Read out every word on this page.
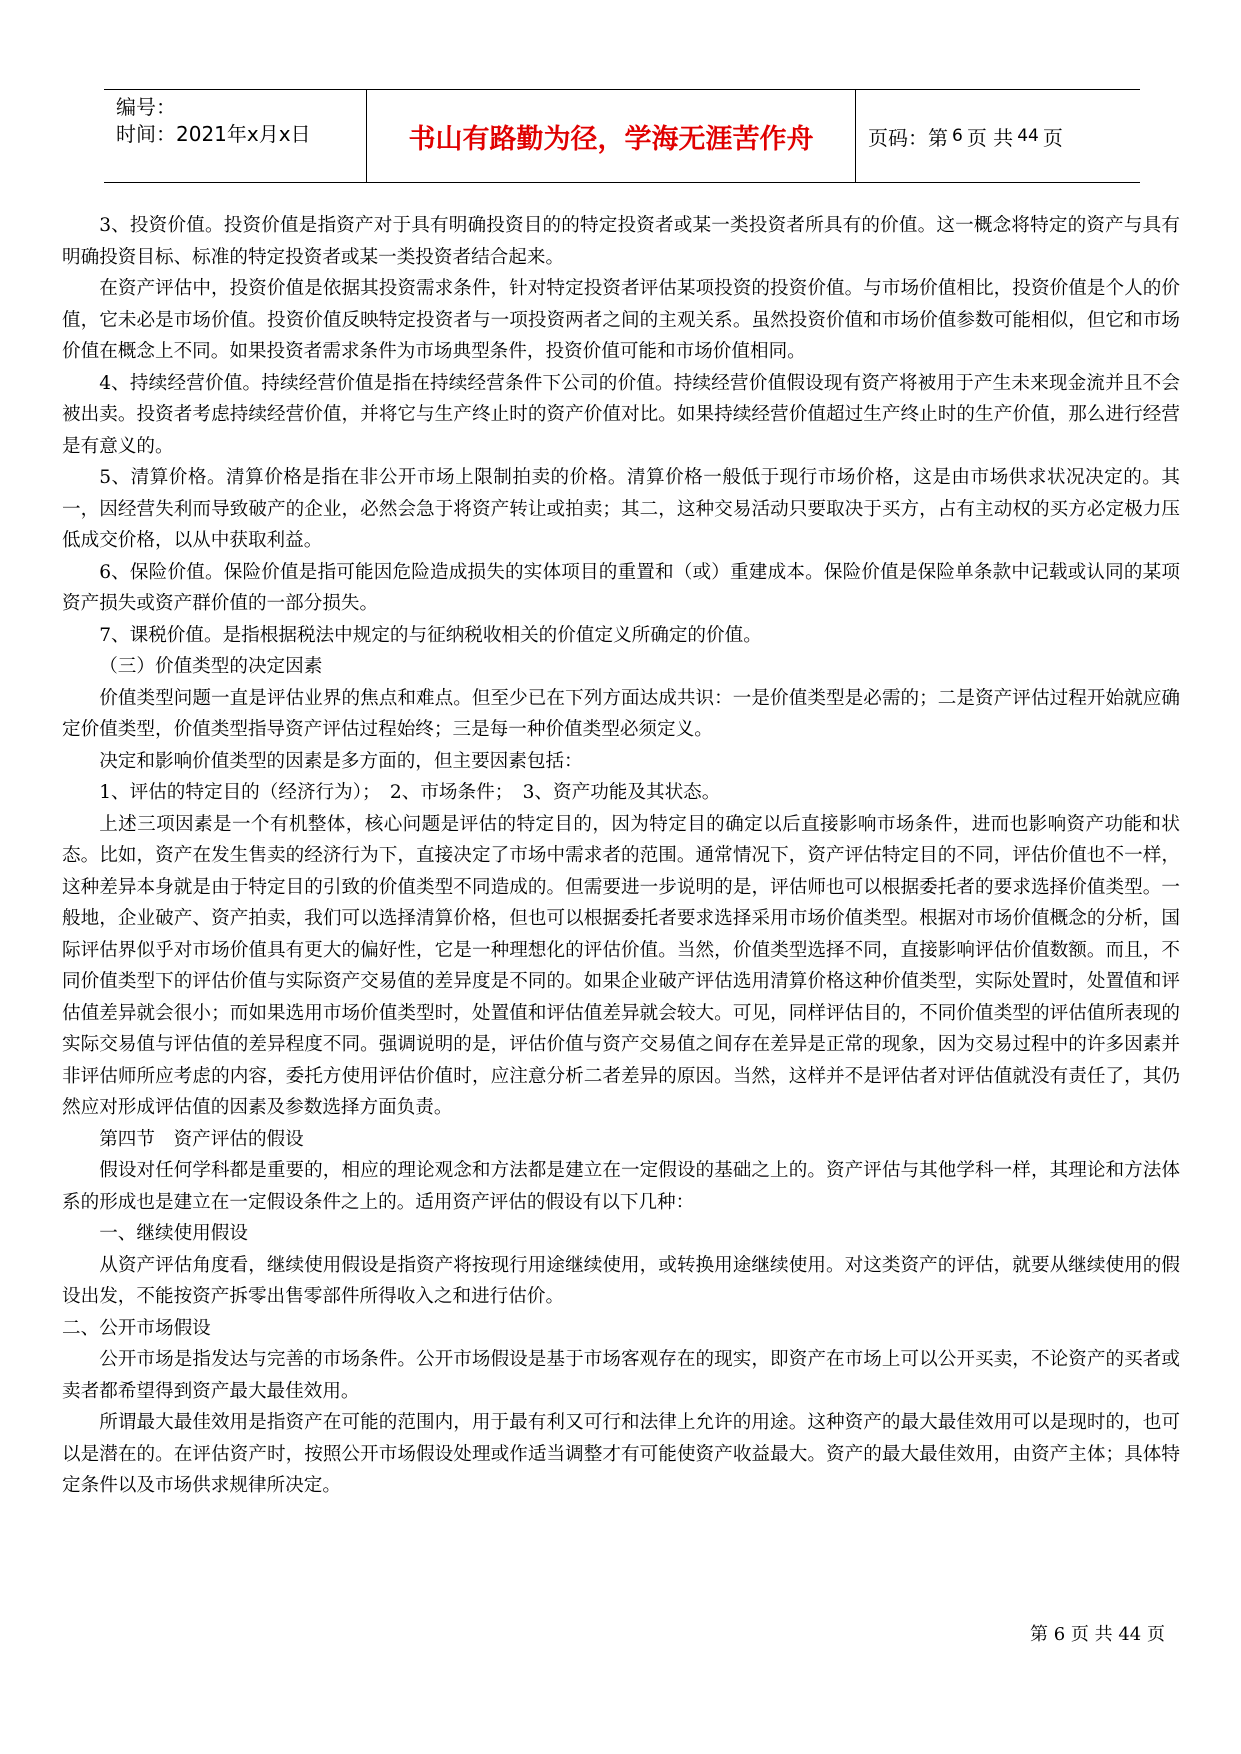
编号：
时间：2021年x月x日	书山有路勤为径，学海无涯苦作舟	页码：第 6 页 共 44 页

3、投资价值。投资价值是指资产对于具有明确投资目的的特定投资者或某一类投资者所具有的价值。这一概念将特定的资产与具有明确投资目标、标准的特定投资者或某一类投资者结合起来。

在资产评估中，投资价值是依据其投资需求条件，针对特定投资者评估某项投资的投资价值。与市场价值相比，投资价值是个人的价值，它未必是市场价值。投资价值反映特定投资者与一项投资两者之间的主观关系。虽然投资价值和市场价值参数可能相似，但它和市场价值在概念上不同。如果投资者需求条件为市场典型条件，投资价值可能和市场价值相同。

4、持续经营价值。持续经营价值是指在持续经营条件下公司的价值。持续经营价值假设现有资产将被用于产生未来现金流并且不会被出卖。投资者考虑持续经营价值，并将它与生产终止时的资产价值对比。如果持续经营价值超过生产终止时的生产价值，那么进行经营是有意义的。

5、清算价格。清算价格是指在非公开市场上限制拍卖的价格。清算价格一般低于现行市场价格，这是由市场供求状况决定的。其一，因经营失利而导致破产的企业，必然会急于将资产转让或拍卖；其二，这种交易活动只要取决于买方，占有主动权的买方必定极力压低成交价格，以从中获取利益。

6、保险价值。保险价值是指可能因危险造成损失的实体项目的重置和（或）重建成本。保险价值是保险单条款中记载或认同的某项资产损失或资产群价值的一部分损失。

7、课税价值。是指根据税法中规定的与征纳税收相关的价值定义所确定的价值。

（三）价值类型的决定因素

价值类型问题一直是评估业界的焦点和难点。但至少已在下列方面达成共识：一是价值类型是必需的；二是资产评估过程开始就应确定价值类型，价值类型指导资产评估过程始终；三是每一种价值类型必须定义。

决定和影响价值类型的因素是多方面的，但主要因素包括：

1、评估的特定目的（经济行为）；　2、市场条件；　3、资产功能及其状态。

上述三项因素是一个有机整体，核心问题是评估的特定目的，因为特定目的确定以后直接影响市场条件，进而也影响资产功能和状态。比如，资产在发生售卖的经济行为下，直接决定了市场中需求者的范围。通常情况下，资产评估特定目的不同，评估价值也不一样，这种差异本身就是由于特定目的引致的价值类型不同造成的。但需要进一步说明的是，评估师也可以根据委托者的要求选择价值类型。一般地，企业破产、资产拍卖，我们可以选择清算价格，但也可以根据委托者要求选择采用市场价值类型。根据对市场价值概念的分析，国际评估界似乎对市场价值具有更大的偏好性，它是一种理想化的评估价值。当然，价值类型选择不同，直接影响评估价值数额。而且，不同价值类型下的评估价值与实际资产交易值的差异度是不同的。如果企业破产评估选用清算价格这种价值类型，实际处置时，处置值和评估值差异就会很小；而如果选用市场价值类型时，处置值和评估值差异就会较大。可见，同样评估目的，不同价值类型的评估值所表现的实际交易值与评估值的差异程度不同。强调说明的是，评估价值与资产交易值之间存在差异是正常的现象，因为交易过程中的许多因素并非评估师所应考虑的内容，委托方使用评估价值时，应注意分析二者差异的原因。当然，这样并不是评估者对评估值就没有责任了，其仍然应对形成评估值的因素及参数选择方面负责。

第四节　资产评估的假设

假设对任何学科都是重要的，相应的理论观念和方法都是建立在一定假设的基础之上的。资产评估与其他学科一样，其理论和方法体系的形成也是建立在一定假设条件之上的。适用资产评估的假设有以下几种：

一、继续使用假设

从资产评估角度看，继续使用假设是指资产将按现行用途继续使用，或转换用途继续使用。对这类资产的评估，就要从继续使用的假设出发，不能按资产拆零出售零部件所得收入之和进行估价。

二、公开市场假设

公开市场是指发达与完善的市场条件。公开市场假设是基于市场客观存在的现实，即资产在市场上可以公开买卖，不论资产的买者或卖者都希望得到资产最大最佳效用。

所谓最大最佳效用是指资产在可能的范围内，用于最有利又可行和法律上允许的用途。这种资产的最大最佳效用可以是现时的，也可以是潜在的。在评估资产时，按照公开市场假设处理或作适当调整才有可能使资产收益最大。资产的最大最佳效用，由资产主体；具体特定条件以及市场供求规律所决定。

第 6 页 共 44 页
